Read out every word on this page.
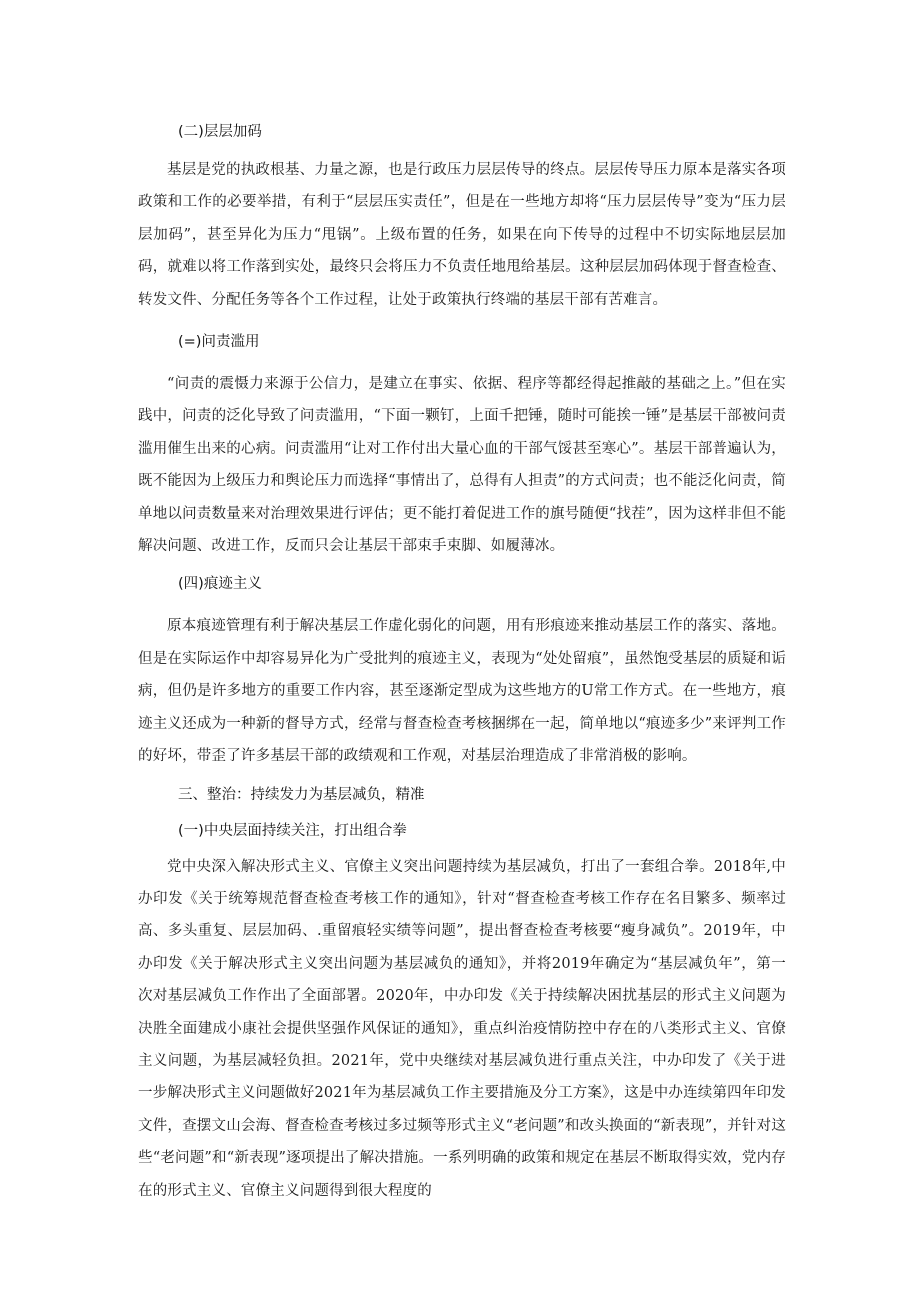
(二)层层加码

基层是党的执政根基、力量之源，也是行政压力层层传导的终点。层层传导压力原本是落实各项政策和工作的必要举措，有利于“层层压实责任”，但是在一些地方却将“压力层层传导”变为“压力层层加码”，甚至异化为压力“甩锅”。上级布置的任务，如果在向下传导的过程中不切实际地层层加码，就难以将工作落到实处，最终只会将压力不负责任地甩给基层。这种层层加码体现于督查检查、转发文件、分配任务等各个工作过程，让处于政策执行终端的基层干部有苦难言。

(=)问责滥用

“问责的震慑力来源于公信力，是建立在事实、依据、程序等都经得起推敲的基础之上。”但在实践中，问责的泛化导致了问责滥用，“下面一颗钉，上面千把锤，随时可能挨一锤”是基层干部被问责滥用催生出来的心病。问责滥用“让对工作付出大量心血的干部气馁甚至寒心”。基层干部普遍认为，既不能因为上级压力和舆论压力而选择“事情出了，总得有人担责”的方式问责；也不能泛化问责，简单地以问责数量来对治理效果进行评估；更不能打着促进工作的旗号随便“找茬”，因为这样非但不能解决问题、改进工作，反而只会让基层干部束手束脚、如履薄冰。

(四)痕迹主义

原本痕迹管理有利于解决基层工作虚化弱化的问题，用有形痕迹来推动基层工作的落实、落地。但是在实际运作中却容易异化为广受批判的痕迹主义，表现为“处处留痕”，虽然饱受基层的质疑和诟病，但仍是许多地方的重要工作内容，甚至逐渐定型成为这些地方的U常工作方式。在一些地方，痕迹主义还成为一种新的督导方式，经常与督查检查考核捆绑在一起，简单地以“痕迹多少”来评判工作的好坏，带歪了许多基层干部的政绩观和工作观，对基层治理造成了非常消极的影响。

三、整治：持续发力为基层减负，精准

(一)中央层面持续关注，打出组合拳

党中央深入解决形式主义、官僚主义突出问题持续为基层减负，打出了一套组合拳。2018年,中办印发《关于统筹规范督查检查考核工作的通知》，针对“督查检查考核工作存在名目繁多、频率过高、多头重复、层层加码、.重留痕轻实绩等问题”，提出督查检查考核要“瘦身减负”。2019年，中办印发《关于解决形式主义突出问题为基层减负的通知》，并将2019年确定为“基层减负年”，第一次对基层减负工作作出了全面部署。2020年，中办印发《关于持续解决困扰基层的形式主义问题为决胜全面建成小康社会提供坚强作风保证的通知》，重点纠治疫情防控中存在的八类形式主义、官僚主义问题，为基层减轻负担。2021年，党中央继续对基层减负进行重点关注，中办印发了《关于进一步解决形式主义问题做好2021年为基层减负工作主要措施及分工方案》，这是中办连续第四年印发文件，查摆文山会海、督查检查考核过多过频等形式主义“老问题”和改头换面的“新表现”，并针对这些“老问题”和“新表现”逐项提出了解决措施。一系列明确的政策和规定在基层不断取得实效，党内存在的形式主义、官僚主义问题得到很大程度的
